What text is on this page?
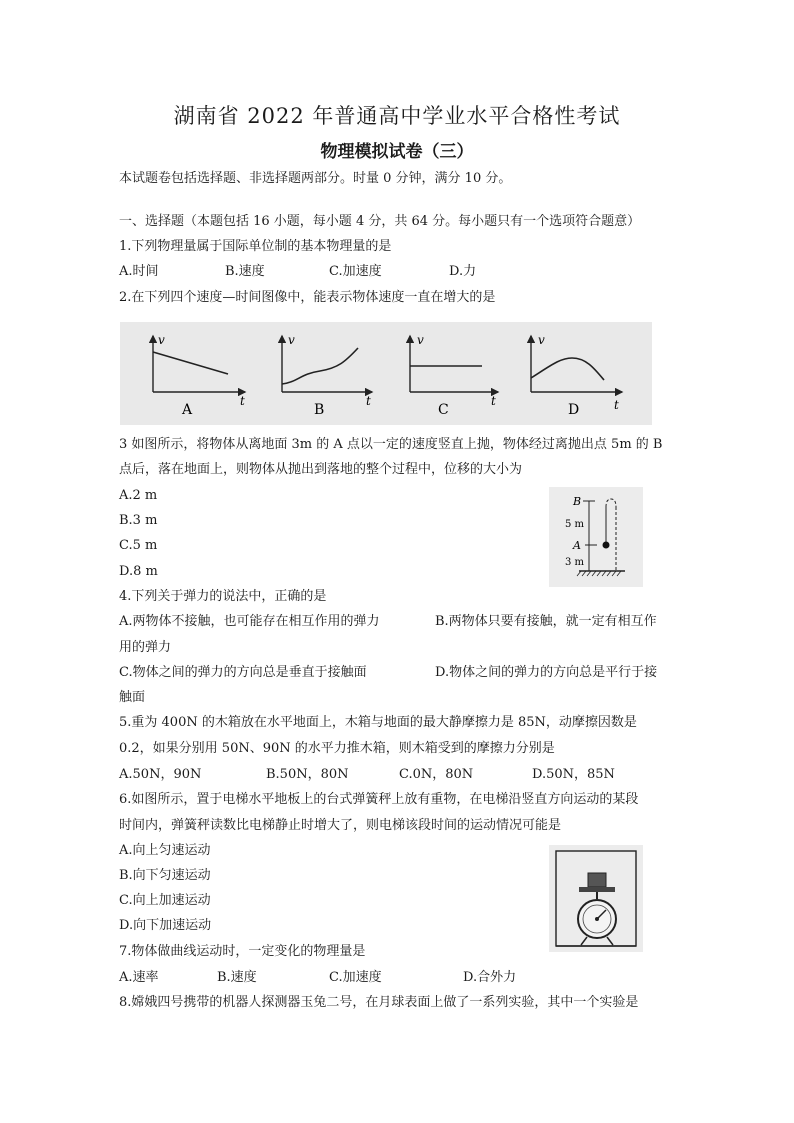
湖南省 2022 年普通高中学业水平合格性考试
物理模拟试卷（三）
本试题卷包括选择题、非选择题两部分。时量 0 分钟，满分 10 分。
一、选择题（本题包括 16 小题，每小题 4 分，共 64 分。每小题只有一个选项符合题意）
1.下列物理量属于国际单位制的基本物理量的是
A.时间	B.速度	C.加速度	D.力
2.在下列四个速度—时间图像中，能表示物体速度一直在增大的是
v
t
A
v
t
B
v
t
C
v
t
D
3 如图所示，将物体从离地面 3m 的 A 点以一定的速度竖直上抛，物体经过离抛出点 5m 的 B
点后，落在地面上，则物体从抛出到落地的整个过程中，位移的大小为
A.2 m
B.3 m
C.5 m
D.8 m
B
A
5 m
3 m
4.下列关于弹力的说法中，正确的是
A.两物体不接触，也可能存在相互作用的弹力	B.两物体只要有接触，就一定有相互作
用的弹力
C.物体之间的弹力的方向总是垂直于接触面	D.物体之间的弹力的方向总是平行于接
触面
5.重为 400N 的木箱放在水平地面上，木箱与地面的最大静摩擦力是 85N，动摩擦因数是
0.2，如果分别用 50N、90N 的水平力推木箱，则木箱受到的摩擦力分别是
A.50N，90N	B.50N，80N	C.0N，80N	D.50N，85N
6.如图所示，置于电梯水平地板上的台式弹簧秤上放有重物，在电梯沿竖直方向运动的某段
时间内，弹簧秤读数比电梯静止时增大了，则电梯该段时间的运动情况可能是
A.向上匀速运动
B.向下匀速运动
C.向上加速运动
D.向下加速运动
7.物体做曲线运动时，一定变化的物理量是
A.速率	B.速度	C.加速度	D.合外力
8.嫦娥四号携带的机器人探测器玉兔二号，在月球表面上做了一系列实验，其中一个实验是
